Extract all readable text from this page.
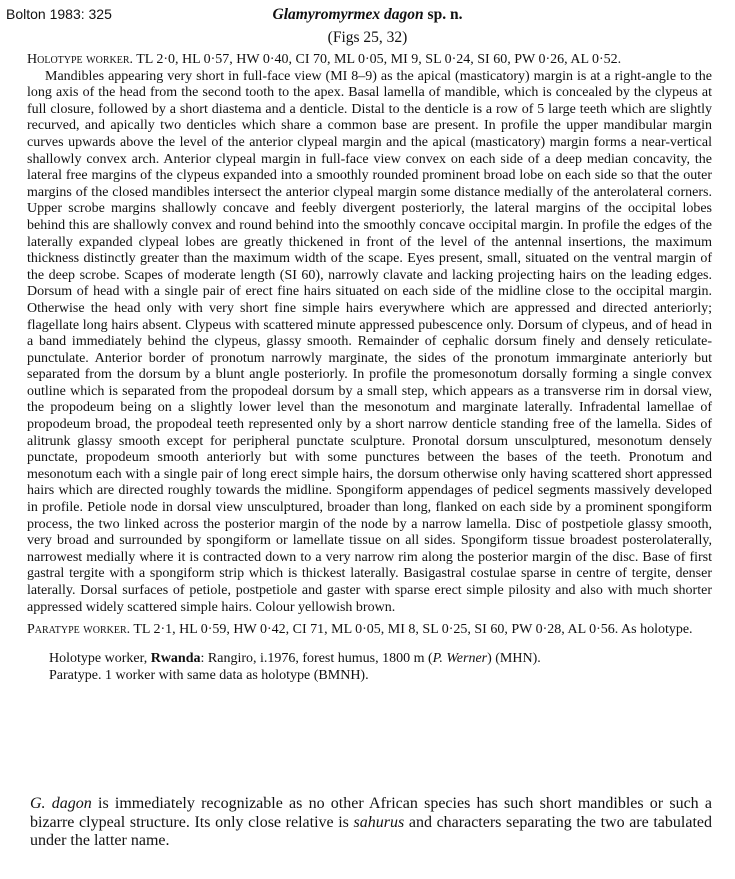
Bolton 1983: 325	Glamyromyrmex dagon sp. n.
(Figs 25, 32)

Holotype worker. TL 2·0, HL 0·57, HW 0·40, CI 70, ML 0·05, MI 9, SL 0·24, SI 60, PW 0·26, AL 0·52.

Mandibles appearing very short in full-face view (MI 8–9) as the apical (masticatory) margin is at a right-angle to the long axis of the head from the second tooth to the apex. Basal lamella of mandible, which is concealed by the clypeus at full closure, followed by a short diastema and a denticle. Distal to the denticle is a row of 5 large teeth which are slightly recurved, and apically two denticles which share a common base are present. In profile the upper mandibular margin curves upwards above the level of the anterior clypeal margin and the apical (masticatory) margin forms a near-vertical shallowly convex arch. Anterior clypeal margin in full-face view convex on each side of a deep median concavity, the lateral free margins of the clypeus expanded into a smoothly rounded prominent broad lobe on each side so that the outer margins of the closed mandibles intersect the anterior clypeal margin some distance medially of the anterolateral corners. Upper scrobe margins shallowly concave and feebly divergent posteriorly, the lateral margins of the occipital lobes behind this are shallowly convex and round behind into the smoothly concave occipital margin. In profile the edges of the laterally expanded clypeal lobes are greatly thickened in front of the level of the antennal insertions, the maximum thickness distinctly greater than the maximum width of the scape. Eyes present, small, situated on the ventral margin of the deep scrobe. Scapes of moderate length (SI 60), narrowly clavate and lacking projecting hairs on the leading edges. Dorsum of head with a single pair of erect fine hairs situated on each side of the midline close to the occipital margin. Otherwise the head only with very short fine simple hairs everywhere which are appressed and directed anteriorly; flagellate long hairs absent. Clypeus with scattered minute appressed pubescence only. Dorsum of clypeus, and of head in a band immediately behind the clypeus, glassy smooth. Remainder of cephalic dorsum finely and densely reticulate-punctulate. Anterior border of pronotum narrowly marginate, the sides of the pronotum immarginate anteriorly but separated from the dorsum by a blunt angle posteriorly. In profile the promesonotum dorsally forming a single convex outline which is separated from the propodeal dorsum by a small step, which appears as a transverse rim in dorsal view, the propodeum being on a slightly lower level than the mesonotum and marginate laterally. Infradental lamellae of propodeum broad, the propodeal teeth represented only by a short narrow denticle standing free of the lamella. Sides of alitrunk glassy smooth except for peripheral punctate sculpture. Pronotal dorsum unsculptured, mesonotum densely punctate, propodeum smooth anteriorly but with some punctures between the bases of the teeth. Pronotum and mesonotum each with a single pair of long erect simple hairs, the dorsum otherwise only having scattered short appressed hairs which are directed roughly towards the midline. Spongiform appendages of pedicel segments massively developed in profile. Petiole node in dorsal view unsculptured, broader than long, flanked on each side by a prominent spongiform process, the two linked across the posterior margin of the node by a narrow lamella. Disc of postpetiole glassy smooth, very broad and surrounded by spongiform or lamellate tissue on all sides. Spongiform tissue broadest posterolaterally, narrowest medially where it is contracted down to a very narrow rim along the posterior margin of the disc. Base of first gastral tergite with a spongiform strip which is thickest laterally. Basigastral costulae sparse in centre of tergite, denser laterally. Dorsal surfaces of petiole, postpetiole and gaster with sparse erect simple pilosity and also with much shorter appressed widely scattered simple hairs. Colour yellowish brown.

Paratype worker. TL 2·1, HL 0·59, HW 0·42, CI 71, ML 0·05, MI 8, SL 0·25, SI 60, PW 0·28, AL 0·56. As holotype.

Holotype worker, Rwanda: Rangiro, i.1976, forest humus, 1800 m (P. Werner) (MHN).
Paratype. 1 worker with same data as holotype (BMNH).

G. dagon is immediately recognizable as no other African species has such short mandibles or such a bizarre clypeal structure. Its only close relative is sahurus and characters separating the two are tabulated under the latter name.
